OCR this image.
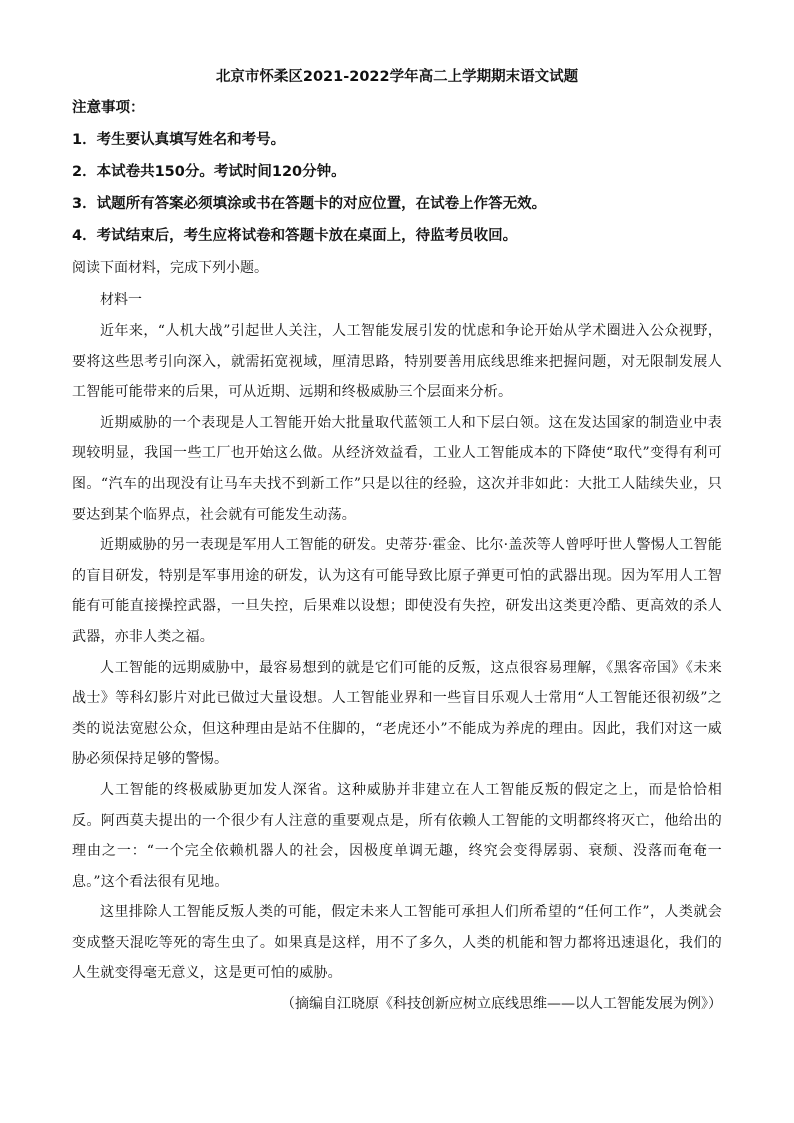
北京市怀柔区2021-2022学年高二上学期期末语文试题

注意事项：

1．考生要认真填写姓名和考号。

2．本试卷共150分。考试时间120分钟。

3．试题所有答案必须填涂或书在答题卡的对应位置，在试卷上作答无效。

4．考试结束后，考生应将试卷和答题卡放在桌面上，待监考员收回。

阅读下面材料，完成下列小题。

材料一

近年来，“人机大战”引起世人关注，人工智能发展引发的忧虑和争论开始从学术圈进入公众视野，要将这些思考引向深入，就需拓宽视域，厘清思路，特别要善用底线思维来把握问题，对无限制发展人工智能可能带来的后果，可从近期、远期和终极威胁三个层面来分析。

近期威胁的一个表现是人工智能开始大批量取代蓝领工人和下层白领。这在发达国家的制造业中表现较明显，我国一些工厂也开始这么做。从经济效益看，工业人工智能成本的下降使“取代”变得有利可图。“汽车的出现没有让马车夫找不到新工作”只是以往的经验，这次并非如此：大批工人陆续失业，只要达到某个临界点，社会就有可能发生动荡。

近期威胁的另一表现是军用人工智能的研发。史蒂芬·霍金、比尔·盖茨等人曾呼吁世人警惕人工智能的盲目研发，特别是军事用途的研发，认为这有可能导致比原子弹更可怕的武器出现。因为军用人工智能有可能直接操控武器，一旦失控，后果难以设想；即使没有失控，研发出这类更冷酷、更高效的杀人武器，亦非人类之福。

人工智能的远期威胁中，最容易想到的就是它们可能的反叛，这点很容易理解，《黑客帝国》《未来战士》等科幻影片对此已做过大量设想。人工智能业界和一些盲目乐观人士常用“人工智能还很初级”之类的说法宽慰公众，但这种理由是站不住脚的，“老虎还小”不能成为养虎的理由。因此，我们对这一威胁必须保持足够的警惕。

人工智能的终极威胁更加发人深省。这种威胁并非建立在人工智能反叛的假定之上，而是恰恰相反。阿西莫夫提出的一个很少有人注意的重要观点是，所有依赖人工智能的文明都终将灭亡，他给出的理由之一：“一个完全依赖机器人的社会，因极度单调无趣，终究会变得孱弱、衰颓、没落而奄奄一息。”这个看法很有见地。

这里排除人工智能反叛人类的可能，假定未来人工智能可承担人们所希望的“任何工作”，人类就会变成整天混吃等死的寄生虫了。如果真是这样，用不了多久，人类的机能和智力都将迅速退化，我们的人生就变得毫无意义，这是更可怕的威胁。

（摘编自江晓原《科技创新应树立底线思维——以人工智能发展为例》）
